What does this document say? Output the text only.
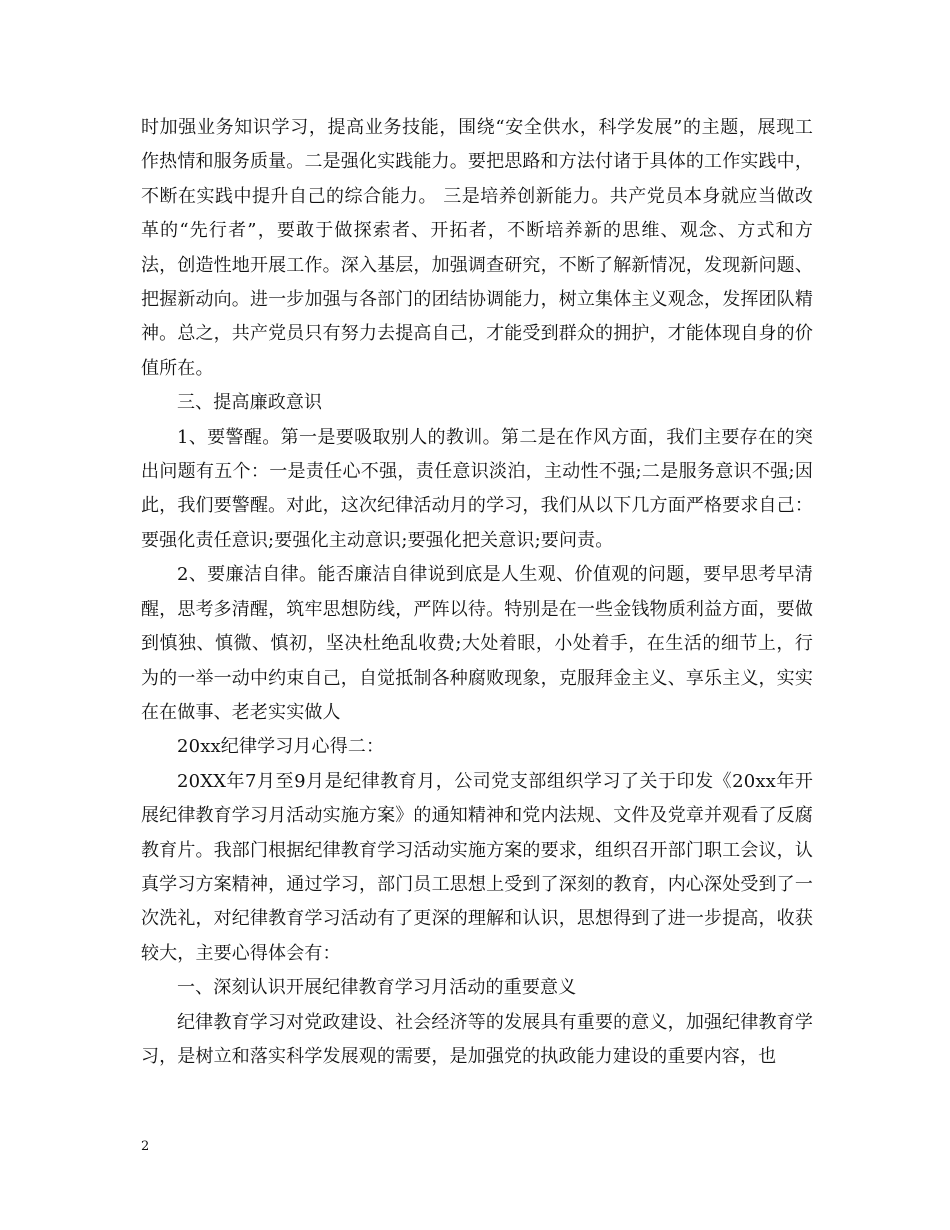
时加强业务知识学习，提高业务技能，围绕“安全供水，科学发展”的主题，展现工作热情和服务质量。二是强化实践能力。要把思路和方法付诸于具体的工作实践中，不断在实践中提升自己的综合能力。 三是培养创新能力。共产党员本身就应当做改革的“先行者”，要敢于做探索者、开拓者，不断培养新的思维、观念、方式和方法，创造性地开展工作。深入基层，加强调查研究，不断了解新情况，发现新问题、把握新动向。进一步加强与各部门的团结协调能力，树立集体主义观念，发挥团队精神。总之，共产党员只有努力去提高自己，才能受到群众的拥护，才能体现自身的价值所在。

三、提高廉政意识

1、要警醒。第一是要吸取别人的教训。第二是在作风方面，我们主要存在的突出问题有五个：一是责任心不强，责任意识淡泊，主动性不强;二是服务意识不强;因此，我们要警醒。对此，这次纪律活动月的学习，我们从以下几方面严格要求自己：要强化责任意识;要强化主动意识;要强化把关意识;要问责。

2、要廉洁自律。能否廉洁自律说到底是人生观、价值观的问题，要早思考早清醒，思考多清醒，筑牢思想防线，严阵以待。特别是在一些金钱物质利益方面，要做到慎独、慎微、慎初，坚决杜绝乱收费;大处着眼，小处着手，在生活的细节上，行为的一举一动中约束自己，自觉抵制各种腐败现象，克服拜金主义、享乐主义，实实在在做事、老老实实做人

20xx纪律学习月心得二：

20XX年7月至9月是纪律教育月，公司党支部组织学习了关于印发《20xx年开展纪律教育学习月活动实施方案》的通知精神和党内法规、文件及党章并观看了反腐教育片。我部门根据纪律教育学习活动实施方案的要求，组织召开部门职工会议，认真学习方案精神，通过学习，部门员工思想上受到了深刻的教育，内心深处受到了一次洗礼，对纪律教育学习活动有了更深的理解和认识，思想得到了进一步提高，收获较大，主要心得体会有：

一、深刻认识开展纪律教育学习月活动的重要意义

纪律教育学习对党政建设、社会经济等的发展具有重要的意义，加强纪律教育学习，是树立和落实科学发展观的需要，是加强党的执政能力建设的重要内容，也

2
